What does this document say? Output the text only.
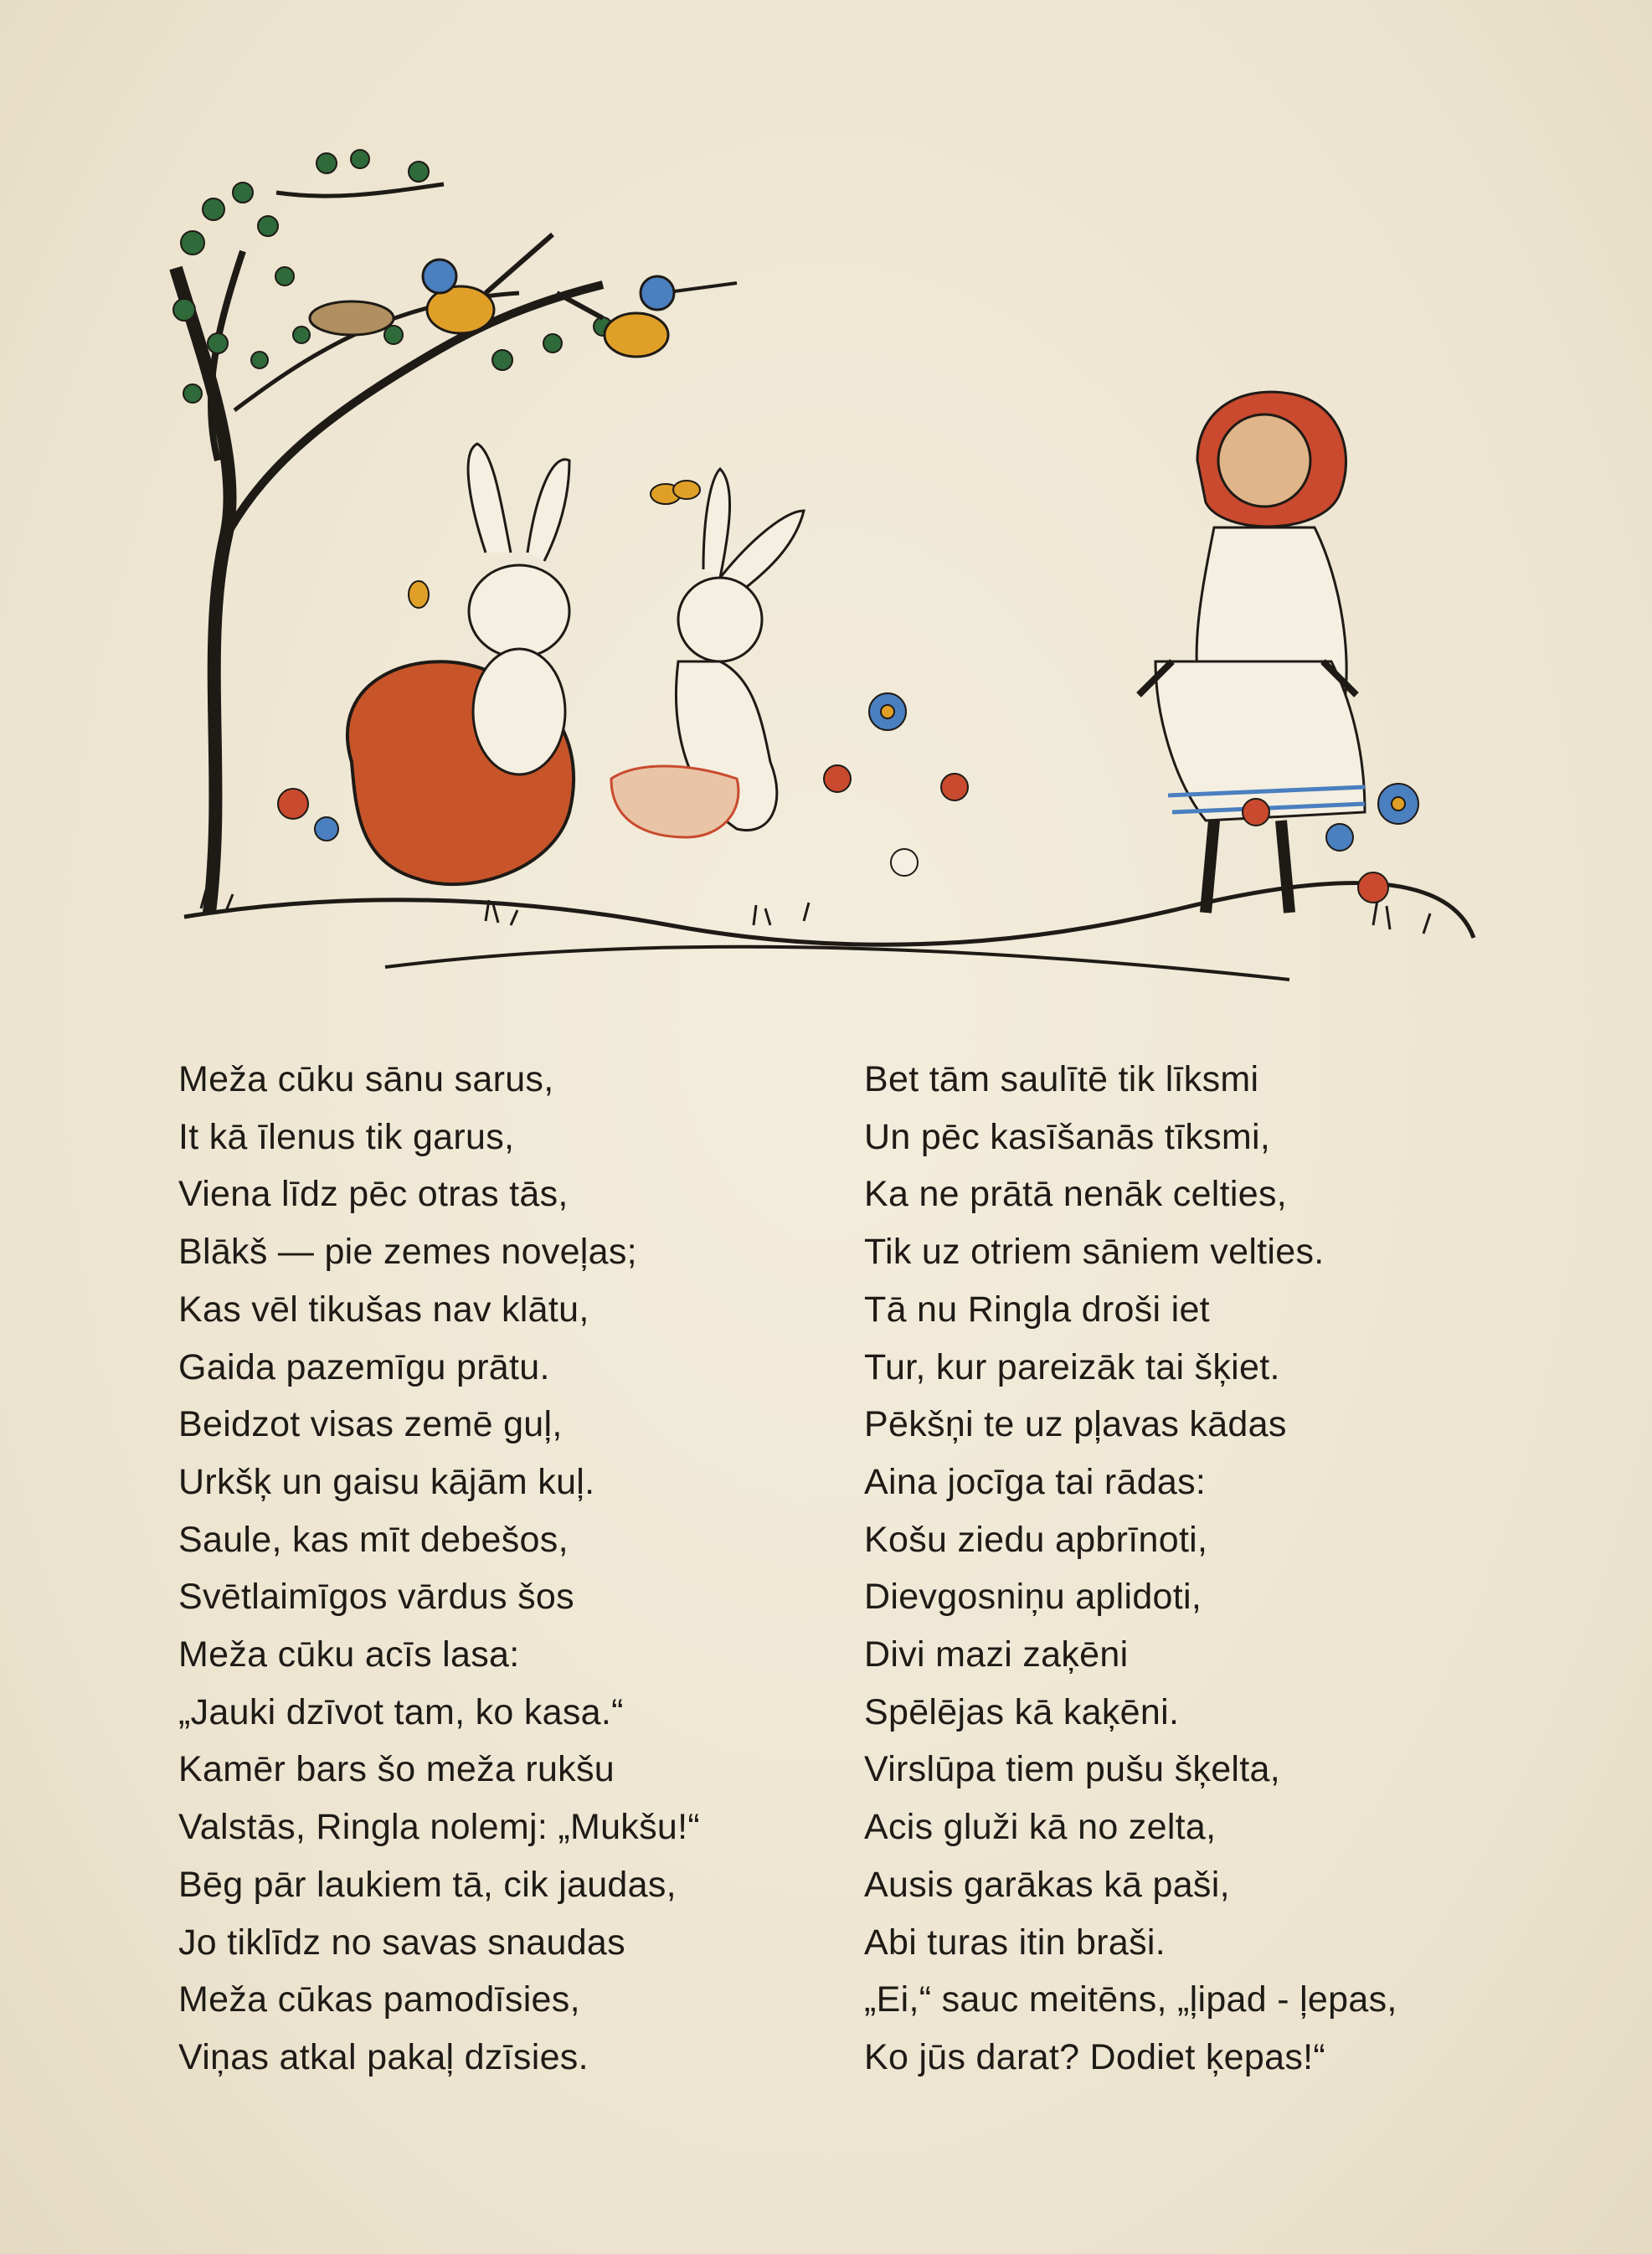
Meža cūku sānu sarus,
It kā īlenus tik garus,
Viena līdz pēc otras tās,
Blākš — pie zemes noveļas;
Kas vēl tikušas nav klātu,
Gaida pazemīgu prātu.
Beidzot visas zemē guļ,
Urkšķ un gaisu kājām kuļ.
Saule, kas mīt debešos,
Svētlaimīgos vārdus šos
Meža cūku acīs lasa:
„Jauki dzīvot tam, ko kasa.“
Kamēr bars šo meža rukšu
Valstās, Ringla nolemj: „Mukšu!“
Bēg pār laukiem tā, cik jaudas,
Jo tiklīdz no savas snaudas
Meža cūkas pamodīsies,
Viņas atkal pakaļ dzīsies.
Bet tām saulītē tik līksmi
Un pēc kasīšanās tīksmi,
Ka ne prātā nenāk celties,
Tik uz otriem sāniem velties.
Tā nu Ringla droši iet
Tur, kur pareizāk tai šķiet.
Pēkšņi te uz pļavas kādas
Aina jocīga tai rādas:
Košu ziedu apbrīnoti,
Dievgosniņu aplidoti,
Divi mazi zaķēni
Spēlējas kā kaķēni.
Virslūpa tiem pušu šķelta,
Acis gluži kā no zelta,
Ausis garākas kā paši,
Abi turas itin braši.
„Ei,“ sauc meitēns, „ļipad - ļepas,
Ko jūs darat? Dodiet ķepas!“
